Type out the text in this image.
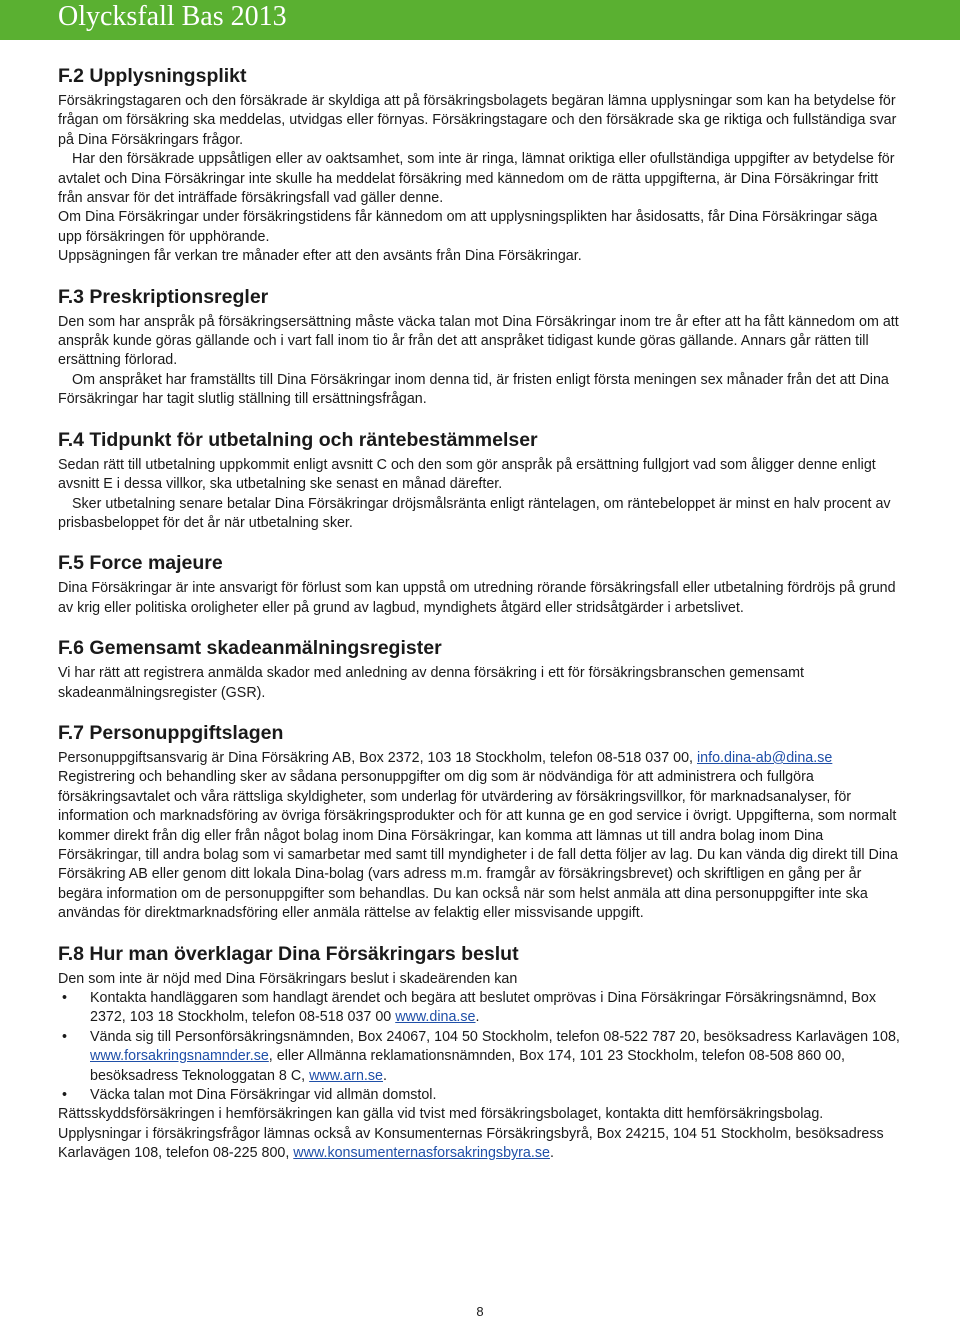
Olycksfall Bas 2013
F.2 Upplysningsplikt

Försäkringstagaren och den försäkrade är skyldiga att på försäkringsbolagets begäran lämna upplysningar som kan ha betydelse för frågan om försäkring ska meddelas, utvidgas eller förnyas. Försäkringstagare och den försäkrade ska ge riktiga och fullständiga svar på Dina Försäkringars frågor.

Har den försäkrade uppsåtligen eller av oaktsamhet, som inte är ringa, lämnat oriktiga eller ofullständiga uppgifter av betydelse för avtalet och Dina Försäkringar inte skulle ha meddelat försäkring med kännedom om de rätta uppgifterna, är Dina Försäkringar fritt från ansvar för det inträffade försäkringsfall vad gäller denne.

Om Dina Försäkringar under försäkringstidens får kännedom om att upplysningsplikten har åsidosatts, får Dina Försäkringar säga upp försäkringen för upphörande.

Uppsägningen får verkan tre månader efter att den avsänts från Dina Försäkringar.

F.3 Preskriptionsregler

Den som har anspråk på försäkringsersättning måste väcka talan mot Dina Försäkringar inom tre år efter att ha fått kännedom om att anspråk kunde göras gällande och i vart fall inom tio år från det att anspråket tidigast kunde göras gällande. Annars går rätten till ersättning förlorad.

Om anspråket har framställts till Dina Försäkringar inom denna tid, är fristen enligt första meningen sex månader från det att Dina Försäkringar har tagit slutlig ställning till ersättningsfrågan.

F.4 Tidpunkt för utbetalning och räntebestämmelser

Sedan rätt till utbetalning uppkommit enligt avsnitt C och den som gör anspråk på ersättning fullgjort vad som åligger denne enligt avsnitt E i dessa villkor, ska utbetalning ske senast en månad därefter.

Sker utbetalning senare betalar Dina Försäkringar dröjsmålsränta enligt räntelagen, om räntebeloppet är minst en halv procent av prisbasbeloppet för det år när utbetalning sker.

F.5 Force majeure

Dina Försäkringar är inte ansvarigt för förlust som kan uppstå om utredning rörande försäkringsfall eller utbetalning fördröjs på grund av krig eller politiska oroligheter eller på grund av lagbud, myndighets åtgärd eller stridsåtgärder i arbetslivet.

F.6 Gemensamt skadeanmälningsregister

Vi har rätt att registrera anmälda skador med anledning av denna försäkring i ett för försäkringsbranschen gemensamt skadeanmälningsregister (GSR).

F.7 Personuppgiftslagen

Personuppgiftsansvarig är Dina Försäkring AB, Box 2372, 103 18 Stockholm, telefon 08-518 037 00, info.dina-ab@dina.se Registrering och behandling sker av sådana personuppgifter om dig som är nödvändiga för att administrera och fullgöra försäkringsavtalet och våra rättsliga skyldigheter, som underlag för utvärdering av försäkringsvillkor, för marknadsanalyser, för information och marknadsföring av övriga försäkringsprodukter och för att kunna ge en god service i övrigt. Uppgifterna, som normalt kommer direkt från dig eller från något bolag inom Dina Försäkringar, kan komma att lämnas ut till andra bolag inom Dina Försäkringar, till andra bolag som vi samarbetar med samt till myndigheter i de fall detta följer av lag. Du kan vända dig direkt till Dina Försäkring AB eller genom ditt lokala Dina-bolag (vars adress m.m. framgår av försäkringsbrevet) och skriftligen en gång per år begära information om de personuppgifter som behandlas. Du kan också när som helst anmäla att dina personuppgifter inte ska användas för direktmarknadsföring eller anmäla rättelse av felaktig eller missvisande uppgift.

F.8 Hur man överklagar Dina Försäkringars beslut

Den som inte är nöjd med Dina Försäkringars beslut i skadeärenden kan

•	Kontakta handläggaren som handlagt ärendet och begära att beslutet omprövas i Dina Försäkringar Försäkringsnämnd, Box 2372, 103 18 Stockholm, telefon 08-518 037 00 www.dina.se.
•	Vända sig till Personförsäkringsnämnden, Box 24067, 104 50 Stockholm, telefon 08-522 787 20, besöksadress Karlavägen 108, www.forsakringsnamnder.se, eller Allmänna reklamationsnämnden, Box 174, 101 23 Stockholm, telefon 08-508 860 00, besöksadress Teknologgatan 8 C, www.arn.se.
•	Väcka talan mot Dina Försäkringar vid allmän domstol.

Rättsskyddsförsäkringen i hemförsäkringen kan gälla vid tvist med försäkringsbolaget, kontakta ditt hemförsäkringsbolag. Upplysningar i försäkringsfrågor lämnas också av Konsumenternas Försäkringsbyrå, Box 24215, 104 51 Stockholm, besöksadress Karlavägen 108, telefon 08-225 800, www.konsumenternasforsakringsbyra.se.

8
